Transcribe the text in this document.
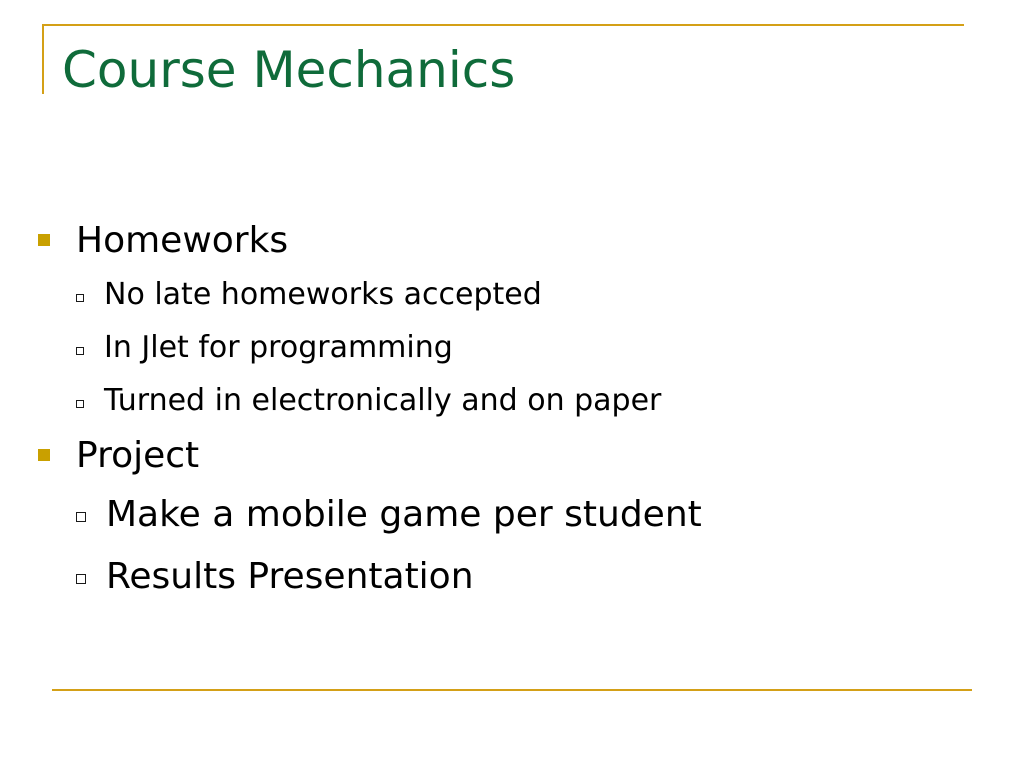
Course Mechanics
Homeworks
No late homeworks accepted
In Jlet for programming
Turned in electronically and on paper
Project
Make a mobile game per student
Results Presentation
